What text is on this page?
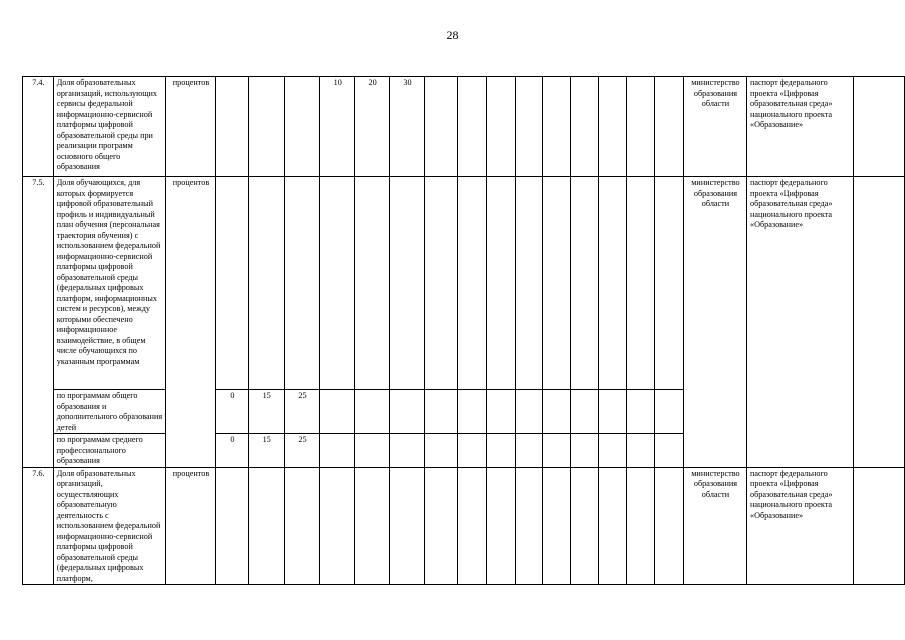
28
7.4.	Доля образовательных организаций, использующих сервисы федеральной информационно-сервисной платформы цифровой образовательной среды при реализации программ основного общего образования	процентов				10	20	30										министерство образования области	паспорт федерального проекта «Цифровая образовательная среда» национального проекта «Образование»	
7.5.	Доля обучающихся, для которых формируется цифровой образовательный профиль и индивидуальный план обучения (персональная траектория обучения) с использованием федеральной информационно-сервисной платформы цифровой образовательной среды (федеральных цифровых платформ, информационных систем и ресурсов), между которыми обеспечено информационное взаимодействие, в общем числе обучающихся по указанным программам	процентов																министерство образования области	паспорт федерального проекта «Цифровая образовательная среда» национального проекта «Образование»	
	по программам общего образования и дополнительного образования детей		0	15	25															
	по программам среднего профессионального образования		0	15	25															
7.6.	Доля образовательных организаций, осуществляющих образовательную деятельность с использованием федеральной информационно-сервисной платформы цифровой образовательной среды (федеральных цифровых платформ,	процентов																министерство образования области	паспорт федерального проекта «Цифровая образовательная среда» национального проекта «Образование»	
